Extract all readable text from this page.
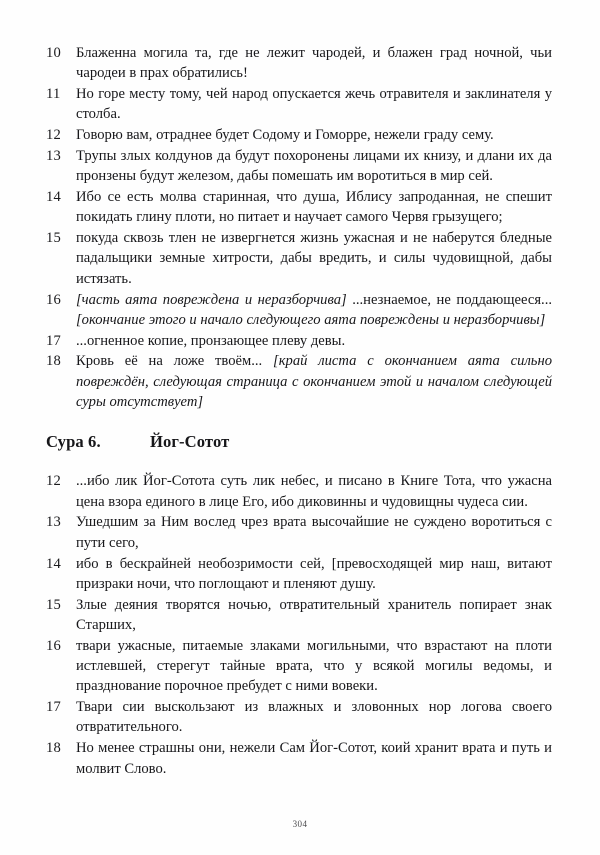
10	Блаженна могила та, где не лежит чародей, и блажен град ночной, чьи чародеи в прах обратились!
11	Но горе месту тому, чей народ опускается жечь отравителя и заклинателя у столба.
12	Говорю вам, отраднее будет Содому и Гоморре, нежели граду сему.
13	Трупы злых колдунов да будут похоронены лицами их книзу, и длани их да пронзены будут железом, дабы помешать им воротиться в мир сей.
14	Ибо се есть молва старинная, что душа, Иблису запроданная, не спешит покидать глину плоти, но питает и научает самого Червя грызущего;
15	покуда сквозь тлен не извергнется жизнь ужасная и не наберутся бледные падальщики земные хитрости, дабы вредить, и силы чудовищной, дабы истязать.
16	[часть аята повреждена и неразборчива] ...незнаемое, не поддающееся... [окончание этого и начало следующего аята повреждены и неразборчивы]
17	...огненное копие, пронзающее плеву девы.
18	Кровь её на ложе твоём... [край листа с окончанием аята сильно повреждён, следующая страница с окончанием этой и началом следующей суры отсутствует]
Сура 6.	Йог-Сотот
12	...ибо лик Йог-Сотота суть лик небес, и писано в Книге Тота, что ужасна цена взора единого в лице Его, ибо диковинны и чудовищны чудеса сии.
13	Ушедшим за Ним вослед чрез врата высочайшие не суждено воротиться с пути сего,
14	ибо в бескрайней необозримости сей, [превосходящей мир наш, витают призраки ночи, что поглощают и пленяют душу.
15	Злые деяния творятся ночью, отвратительный хранитель попирает знак Старших,
16	твари ужасные, питаемые злаками могильными, что взрастают на плоти истлевшей, стерегут тайные врата, что у всякой могилы ведомы, и празднование порочное пребудет с ними вовеки.
17	Твари сии выскользают из влажных и зловонных нор логова своего отвратительного.
18	Но менее страшны они, нежели Сам Йог-Сотот, коий хранит врата и путь и молвит Слово.
304
